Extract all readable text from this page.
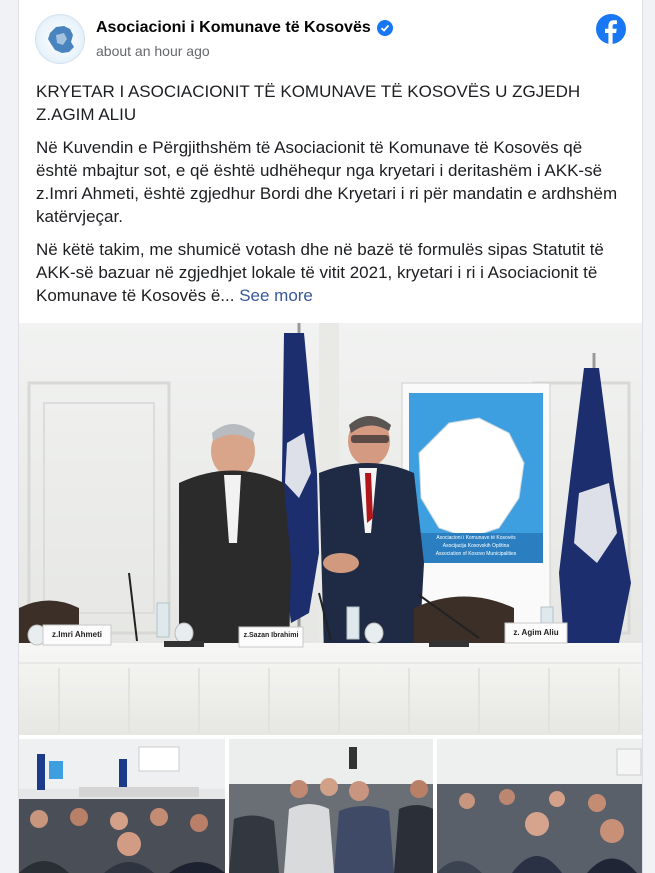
Asociacioni i Komunave të Kosovës
about an hour ago

KRYETAR I ASOCIACIONIT TË KOMUNAVE TË KOSOVËS U ZGJEDH Z.AGIM ALIU

Në Kuvendin e Përgjithshëm të Asociacionit të Komunave të Kosovës që është mbajtur sot, e që është udhëhequr nga kryetari i deritashëm i AKK-së z.Imri Ahmeti, është zgjedhur Bordi dhe Kryetari i ri për mandatin e ardhshëm katërvjeçar.

Në këtë takim, me shumicë votash dhe në bazë të formulës sipas Statutit të AKK-së bazuar në zgjedhjet lokale të vitit 2021, kryetari i ri i Asociacionit të Komunave të Kosovës ë... See more

Asociacioni i Komunave të Kosovës
Asocijacija Kosovskih Opština
Association of Kosovo Municipalities
z.Imri Ahmeti	z.Sazan Ibrahimi	z. Agim Aliu
